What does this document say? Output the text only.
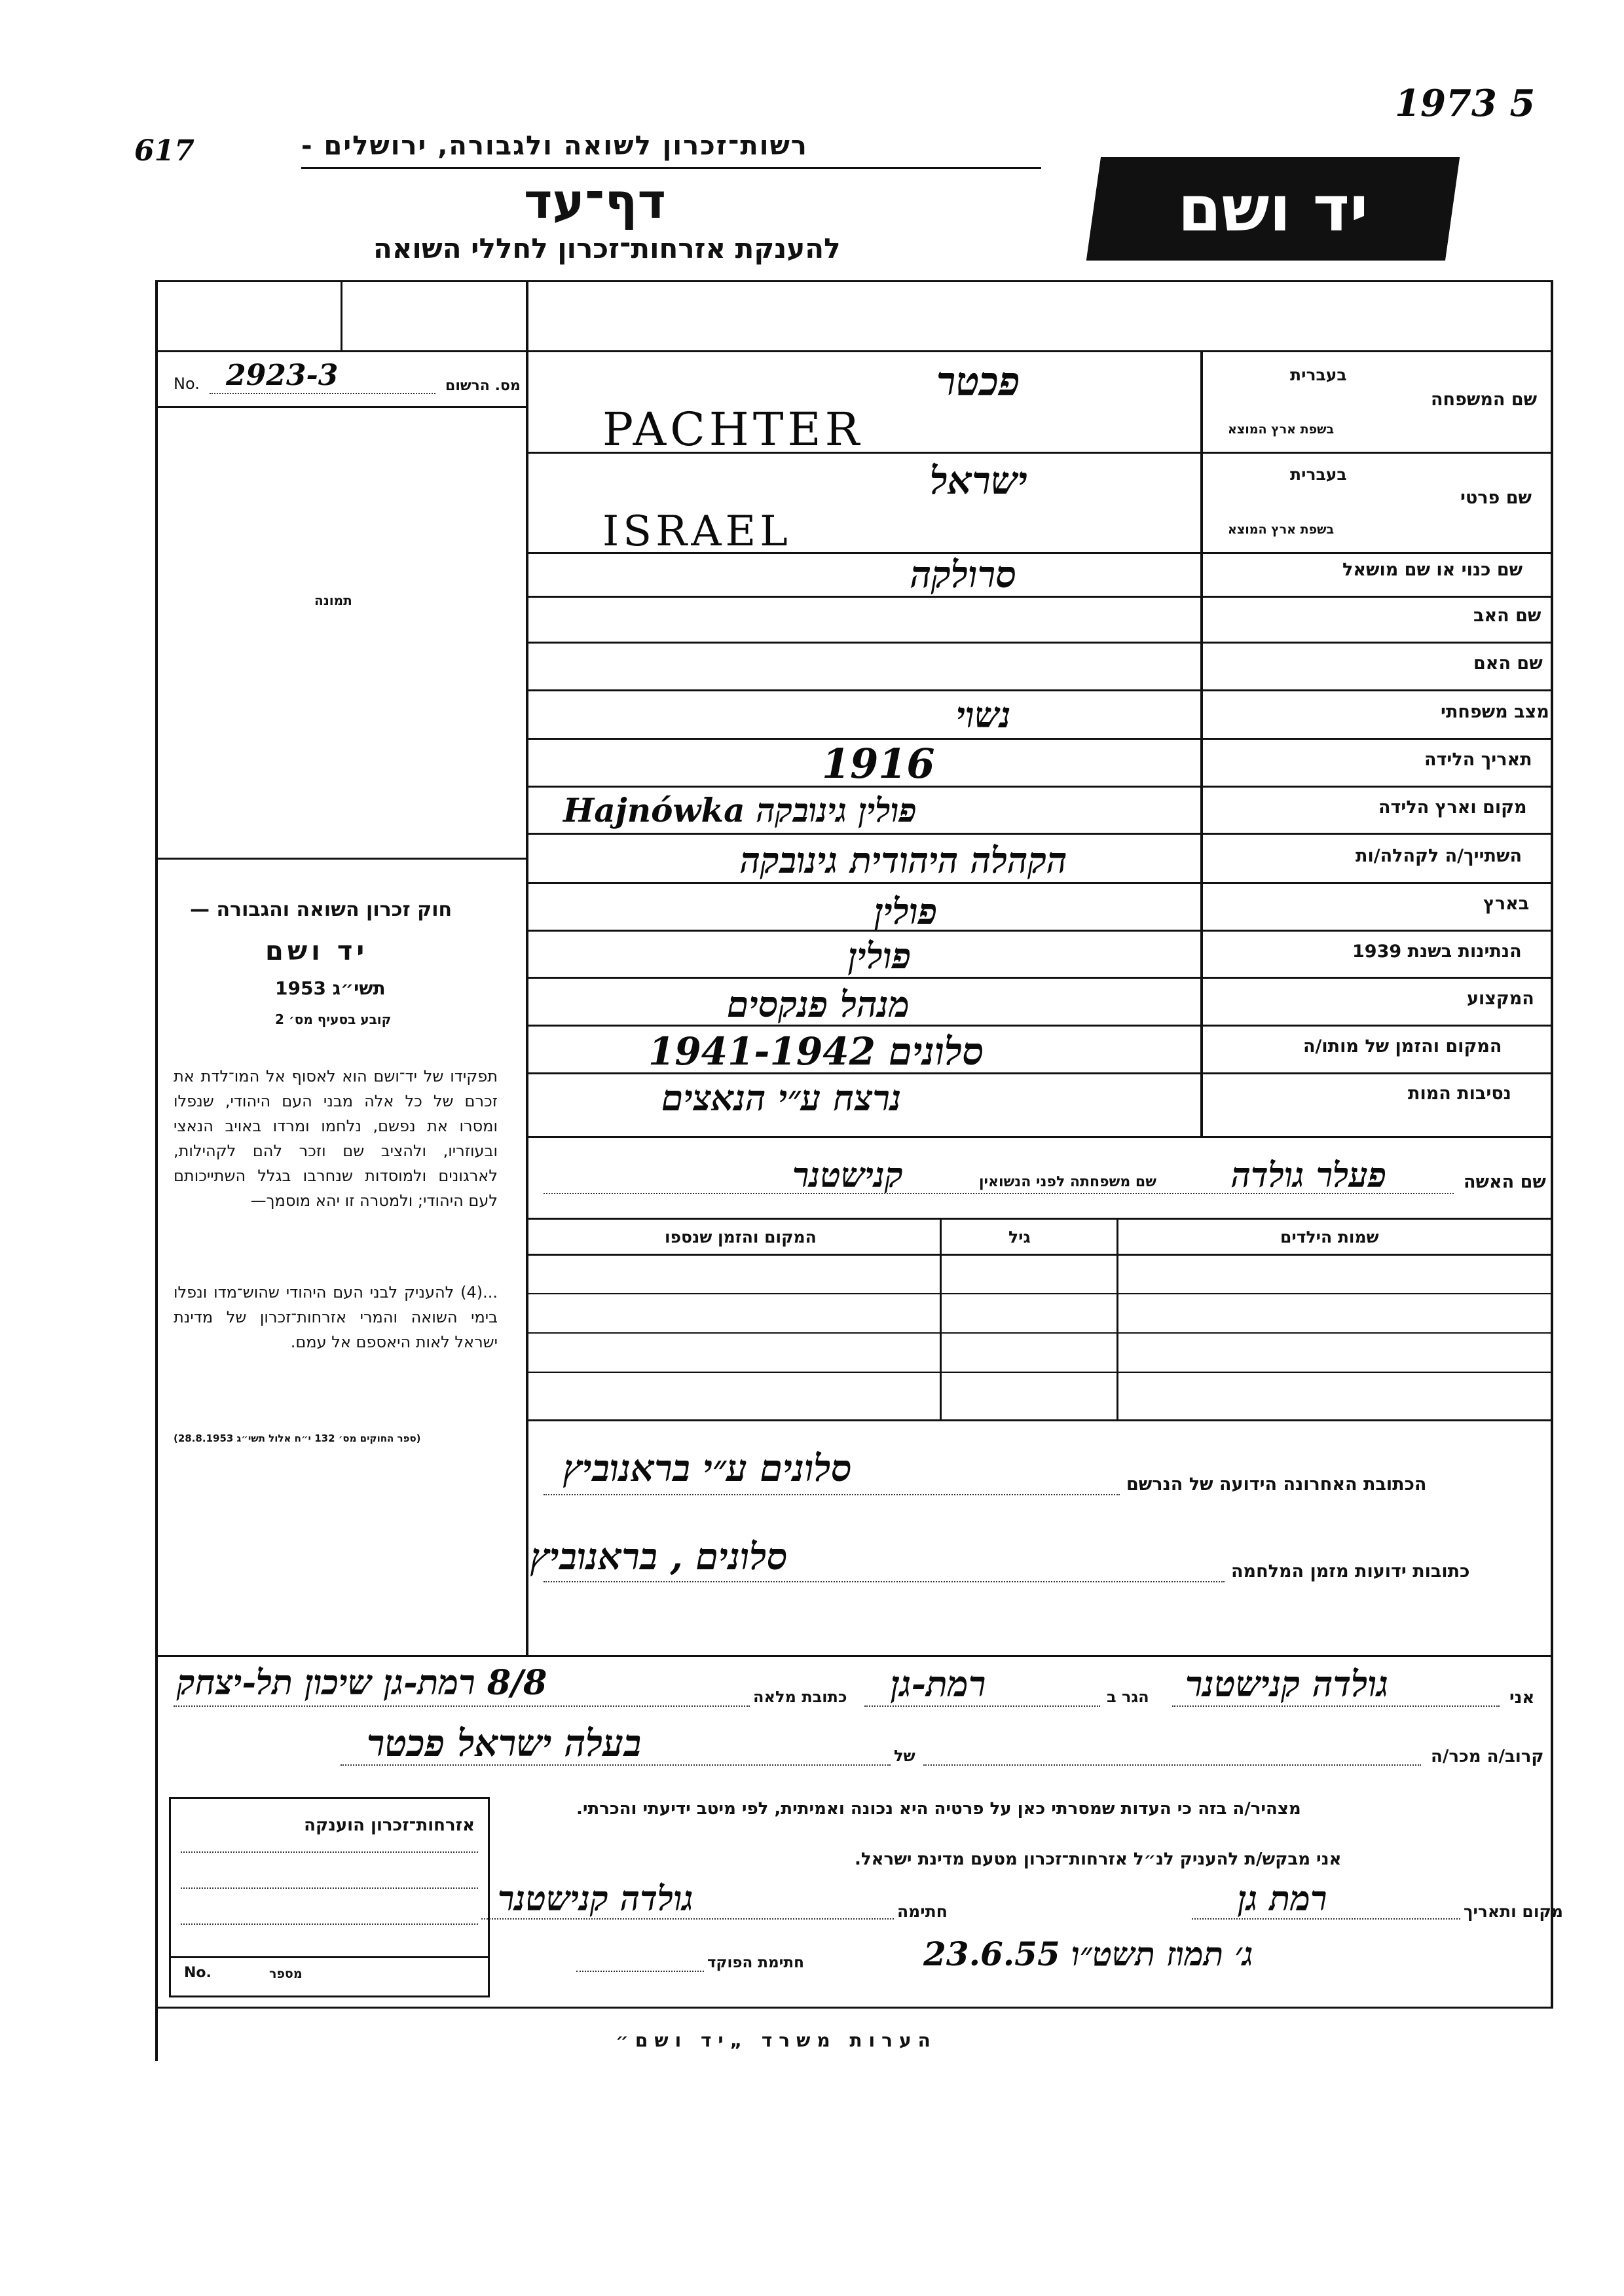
617
1973 5
רשות־זכרון לשואה ולגבורה, ירושלים -
דף־עד
להענקת אזרחות־זכרון לחללי השואה
יד ושם
מס. הרשום
No. 2923-3
תמונה
חוק זכרון השואה והגבורה —
יד ושם
תשי״ג 1953
קובע בסעיף מס׳ 2

תפקידו של יד־ושם הוא לאסוף אל המו־לדת את זכרם של כל אלה מבני העם היהודי, שנפלו ומסרו את נפשם, נלחמו ומרדו באויב הנאצי ובעוזריו, ולהציב שם וזכר להם לקהילות, לארגונים ולמוסדות שנחרבו בגלל השתייכותם לעם היהודי; ולמטרה זו יהא מוסמך—

...(4) להעניק לבני העם היהודי שהוש־מדו ונפלו בימי השואה והמרי אזרחות־זכרון של מדינת ישראל לאות היאספם אל עמם.

(ספר החוקים מס׳ 132 י״ח אלול תשי״ג 28.8.1953)
שם המשפחה
בעברית
בשפת ארץ המוצא
שם פרטי
בעברית
בשפת ארץ המוצא
שם כנוי או שם מושאל
שם האב
שם האם
מצב משפחתי
תאריך הלידה
מקום וארץ הלידה
השתייך/ה לקהלה/ות
בארץ
הנתינות בשנת 1939
המקצוע
המקום והזמן של מותו/ה
נסיבות המות
שם האשה
שם משפחתה לפני הנשואין
פכטר
PACHTER
ישראל
ISRAEL
סרולקה
נשוי
1916
Hajnówka פולין גינובקה
הקהלה היהודית גינובקה
פולין
פולין
מנהל פנקסים
סלונים 1941-1942
נרצח ע״י הנאצים
פעלר גולדה
קנישטנר
שמות הילדים
גיל
המקום והזמן שנספו
הכתובת האחרונה הידועה של הנרשם
סלונים ע״י בראנוביץ
כתובות ידועות מזמן המלחמה
סלונים , בראנוביץ
אני
גולדה קנישטנר
הגר ב
רמת-גן
כתובת מלאה
8/8 רמת-גן שיכון תל-יצחק
קרוב/ה מכר/ה
של
בעלה ישראל פכטר
מצהיר/ה בזה כי העדות שמסרתי כאן על פרטיה היא נכונה ואמיתית, לפי מיטב ידיעתי והכרתי.
אני מבקש/ת להעניק לנ״ל אזרחות־זכרון מטעם מדינת ישראל.
מקום ותאריך
רמת גן
חתימה
גולדה קנישטנר
ג׳ תמוז תשט״ו 23.6.55
חתימת הפוקד
אזרחות־זכרון הוענקה
No.	מספר
הערות משרד „יד ושם״
